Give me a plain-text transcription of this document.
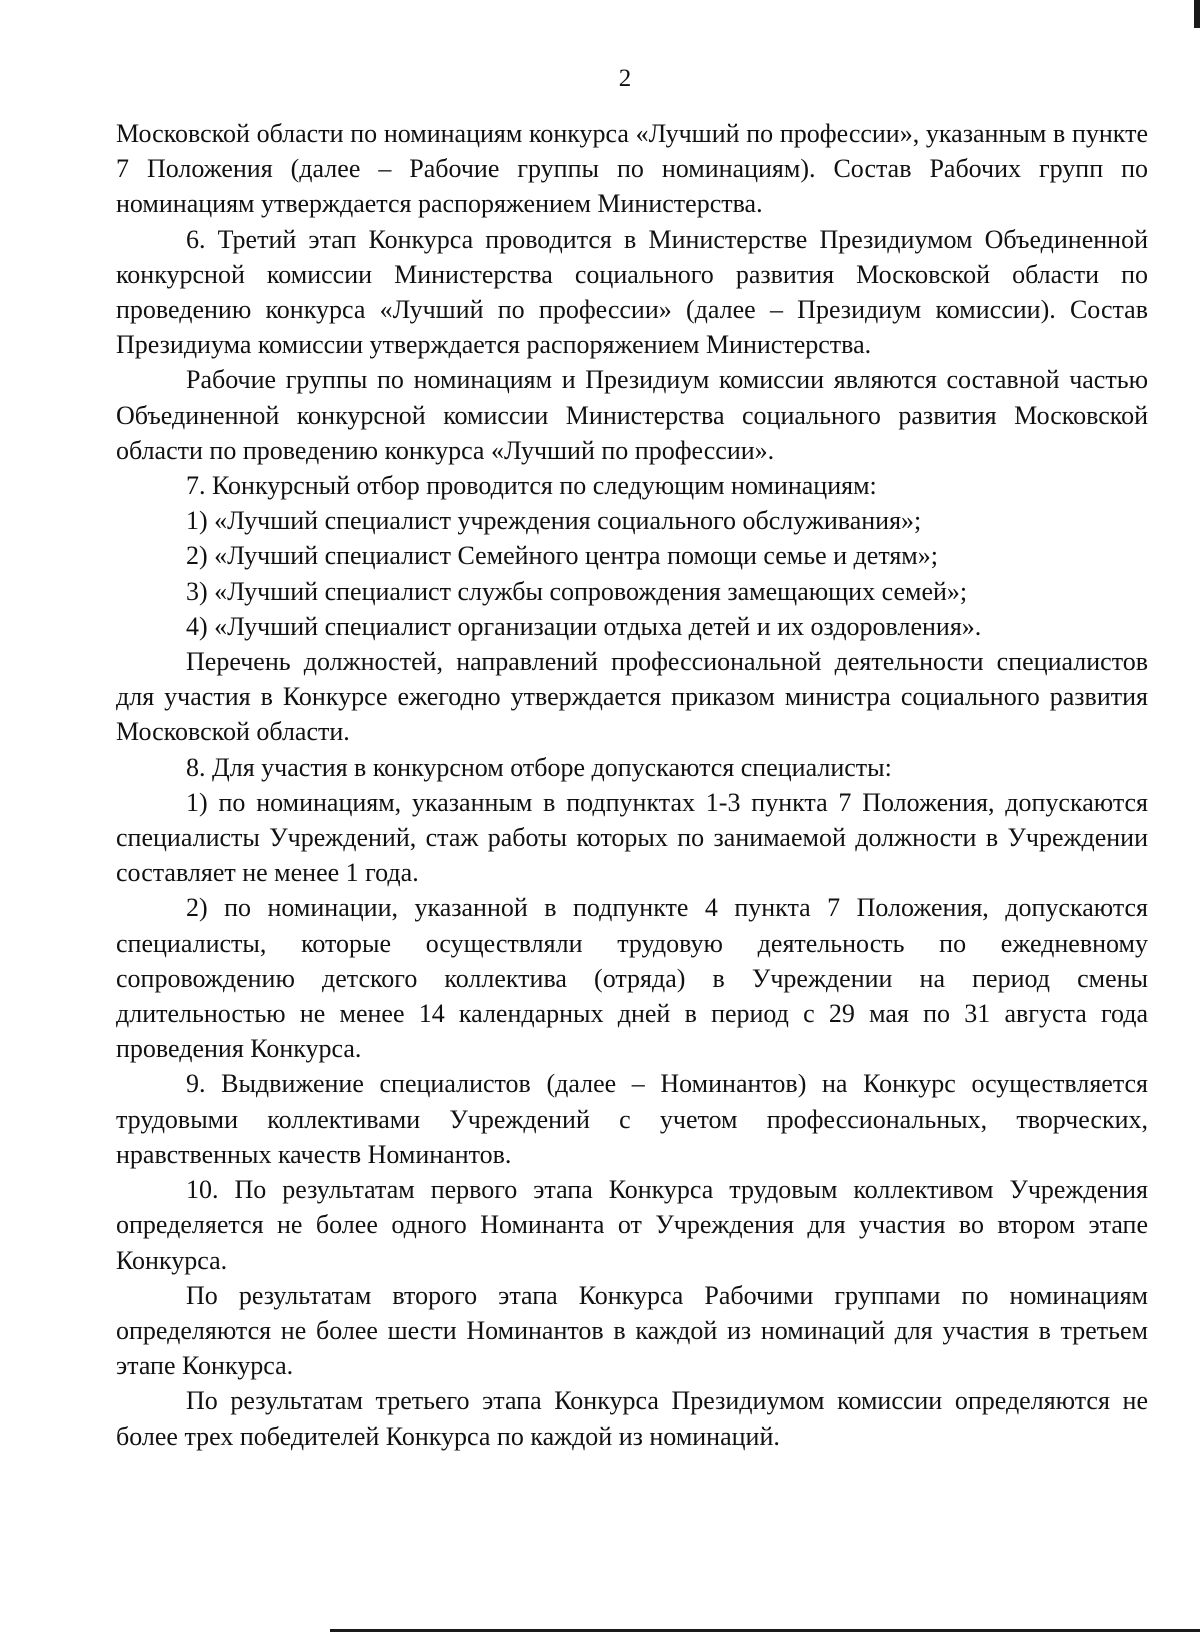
2

Московской области по номинациям конкурса «Лучший по профессии», указанным в пункте 7 Положения (далее – Рабочие группы по номинациям). Состав Рабочих групп по номинациям утверждается распоряжением Министерства.

6. Третий этап Конкурса проводится в Министерстве Президиумом Объединенной конкурсной комиссии Министерства социального развития Московской области по проведению конкурса «Лучший по профессии» (далее – Президиум комиссии). Состав Президиума комиссии утверждается распоряжением Министерства.

Рабочие группы по номинациям и Президиум комиссии являются составной частью Объединенной конкурсной комиссии Министерства социального развития Московской области по проведению конкурса «Лучший по профессии».

7. Конкурсный отбор проводится по следующим номинациям:

1) «Лучший специалист учреждения социального обслуживания»;

2) «Лучший специалист Семейного центра помощи семье и детям»;

3) «Лучший специалист службы сопровождения замещающих семей»;

4) «Лучший специалист организации отдыха детей и их оздоровления».

Перечень должностей, направлений профессиональной деятельности специалистов для участия в Конкурсе ежегодно утверждается приказом министра социального развития Московской области.

8. Для участия в конкурсном отборе допускаются специалисты:

1) по номинациям, указанным в подпунктах 1-3 пункта 7 Положения, допускаются специалисты Учреждений, стаж работы которых по занимаемой должности в Учреждении составляет не менее 1 года.

2) по номинации, указанной в подпункте 4 пункта 7 Положения, допускаются специалисты, которые осуществляли трудовую деятельность по ежедневному сопровождению детского коллектива (отряда) в Учреждении на период смены длительностью не менее 14 календарных дней в период с 29 мая по 31 августа года проведения Конкурса.

9. Выдвижение специалистов (далее – Номинантов) на Конкурс осуществляется трудовыми коллективами Учреждений с учетом профессиональных, творческих, нравственных качеств Номинантов.

10. По результатам первого этапа Конкурса трудовым коллективом Учреждения определяется не более одного Номинанта от Учреждения для участия во втором этапе Конкурса.

По результатам второго этапа Конкурса Рабочими группами по номинациям определяются не более шести Номинантов в каждой из номинаций для участия в третьем этапе Конкурса.

По результатам третьего этапа Конкурса Президиумом комиссии определяются не более трех победителей Конкурса по каждой из номинаций.
